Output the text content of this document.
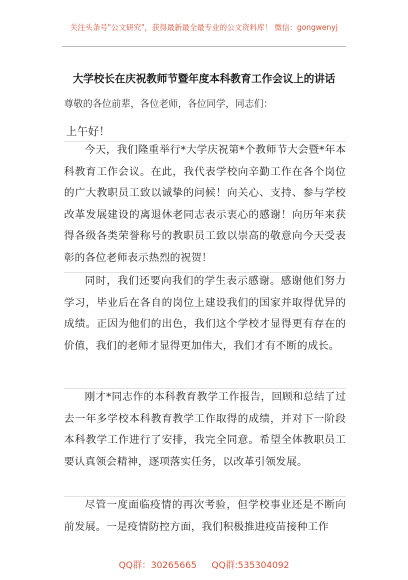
关注头条号"公文研究"，获得最新最全最专业的公文资料库！ 微信：gongwenyj
大学校长在庆祝教师节暨年度本科教育工作会议上的讲话
尊敬的各位前辈，各位老师，各位同学，同志们：
上午好！
今天，我们隆重举行*大学庆祝第*个教师节大会暨*年本科教育工作会议。在此，我代表学校向辛勤工作在各个岗位的广大教职员工致以诚挚的问候！向关心、支持、参与学校改革发展建设的离退休老同志表示衷心的感谢！向历年来获得各级各类荣誉称号的教职员工致以崇高的敬意向今天受表彰的各位老师表示热烈的祝贺！
同时，我们还要向我们的学生表示感谢。感谢他们努力学习，毕业后在各自的岗位上建设我们的国家并取得优异的成绩。正因为他们的出色，我们这个学校才显得更有存在的价值，我们的老师才显得更加伟大，我们才有不断的成长。
刚才*同志作的本科教育教学工作报告，回顾和总结了过去一年多学校本科教育教学工作取得的成绩，并对下一阶段本科教学工作进行了安排，我完全同意。希望全体教职员工要认真领会精神，逐项落实任务，以改革引领发展。
尽管一度面临疫情的再次考验，但学校事业还是不断向前发展。一是疫情防控方面，我们积极推进疫苗接种工作
QQ群：30265665 QQ群:535304092
